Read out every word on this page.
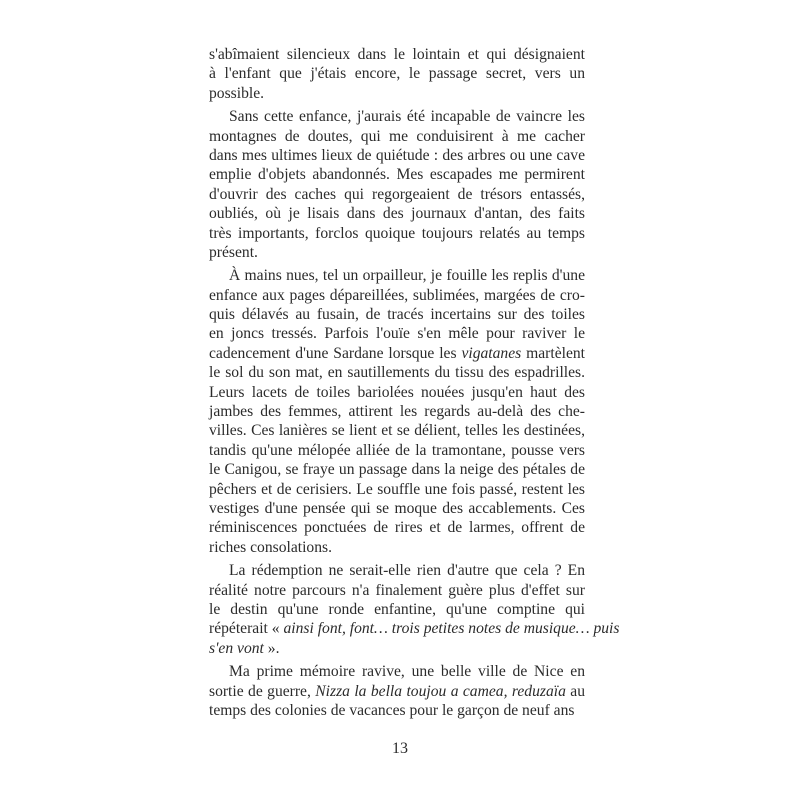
s'abîmaient silencieux dans le lointain et qui désignaient
à l'enfant que j'étais encore, le passage secret, vers un
possible.
Sans cette enfance, j'aurais été incapable de vaincre les
montagnes de doutes, qui me conduisirent à me cacher
dans mes ultimes lieux de quiétude : des arbres ou une cave
emplie d'objets abandonnés. Mes escapades me permirent
d'ouvrir des caches qui regorgeaient de trésors entassés,
oubliés, où je lisais dans des journaux d'antan, des faits
très importants, forclos quoique toujours relatés au temps
présent.
À mains nues, tel un orpailleur, je fouille les replis d'une
enfance aux pages dépareillées, sublimées, margées de cro-
quis délavés au fusain, de tracés incertains sur des toiles
en joncs tressés. Parfois l'ouïe s'en mêle pour raviver le
cadencement d'une Sardane lorsque les vigatanes martèlent
le sol du son mat, en sautillements du tissu des espadrilles.
Leurs lacets de toiles bariolées nouées jusqu'en haut des
jambes des femmes, attirent les regards au-delà des che-
villes. Ces lanières se lient et se délient, telles les destinées,
tandis qu'une mélopée alliée de la tramontane, pousse vers
le Canigou, se fraye un passage dans la neige des pétales de
pêchers et de cerisiers. Le souffle une fois passé, restent les
vestiges d'une pensée qui se moque des accablements. Ces
réminiscences ponctuées de rires et de larmes, offrent de
riches consolations.
La rédemption ne serait-elle rien d'autre que cela ? En
réalité notre parcours n'a finalement guère plus d'effet sur
le destin qu'une ronde enfantine, qu'une comptine qui
répéterait « ainsi font, font… trois petites notes de musique… puis
s'en vont ».
Ma prime mémoire ravive, une belle ville de Nice en
sortie de guerre, Nizza la bella toujou a camea, reduzaïa au
temps des colonies de vacances pour le garçon de neuf ans
13
